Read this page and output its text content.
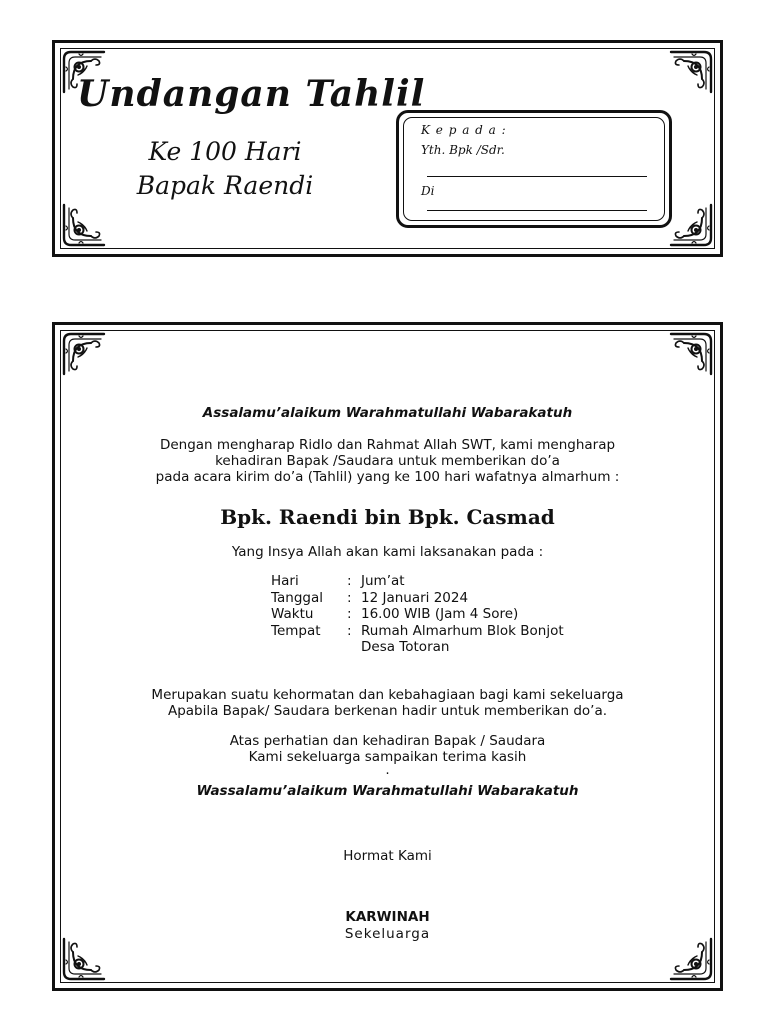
Undangan Tahlil
Ke 100 Hari
Bapak Raendi
K e p a d a :
Yth. Bpk /Sdr.
Di
Assalamu’alaikum Warahmatullahi Wabarakatuh
Dengan mengharap Ridlo dan Rahmat Allah SWT, kami mengharap
kehadiran Bapak /Saudara untuk memberikan do’a
pada acara kirim do’a (Tahlil) yang ke 100 hari wafatnya almarhum :
Bpk. Raendi bin Bpk. Casmad
Yang Insya Allah akan kami laksanakan pada :
Hari	: Jum’at
Tanggal	: 12 Januari 2024
Waktu	: 16.00 WIB (Jam 4 Sore)
Tempat	: Rumah Almarhum Blok Bonjot
Desa Totoran
Merupakan suatu kehormatan dan kebahagiaan bagi kami sekeluarga
Apabila Bapak/ Saudara berkenan hadir untuk memberikan do’a.
Atas perhatian dan kehadiran Bapak / Saudara
Kami sekeluarga sampaikan terima kasih
.
Wassalamu’alaikum Warahmatullahi Wabarakatuh
Hormat Kami
KARWINAH
Sekeluarga
